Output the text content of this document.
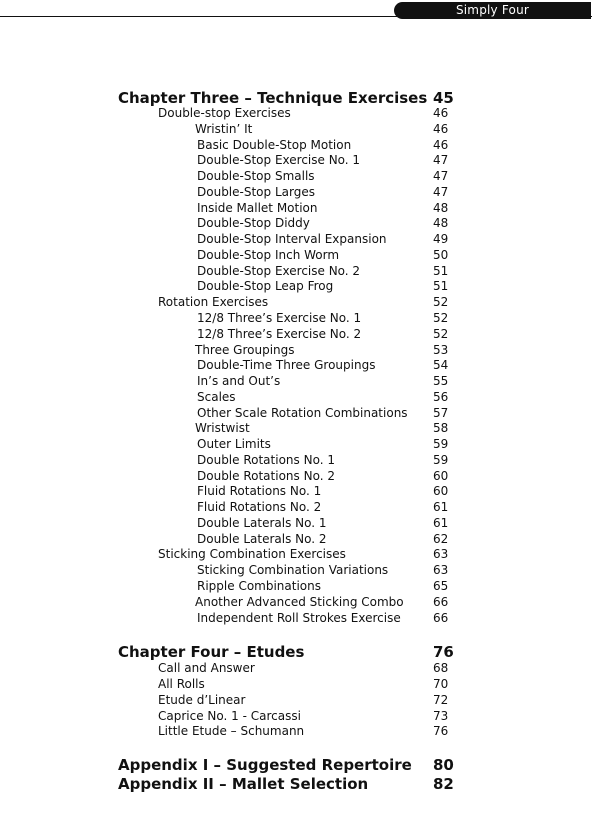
Simply Four
Chapter Three – Technique Exercises 45
Double-stop Exercises	46
Wristin’ It	46
Basic Double-Stop Motion	46
Double-Stop Exercise No. 1	47
Double-Stop Smalls	47
Double-Stop Larges	47
Inside Mallet Motion	48
Double-Stop Diddy	48
Double-Stop Interval Expansion	49
Double-Stop Inch Worm	50
Double-Stop Exercise No. 2	51
Double-Stop Leap Frog	51
Rotation Exercises	52
12/8 Three’s Exercise No. 1	52
12/8 Three’s Exercise No. 2	52
Three Groupings	53
Double-Time Three Groupings	54
In’s and Out’s	55
Scales	56
Other Scale Rotation Combinations 57
Wristwist	58
Outer Limits	59
Double Rotations No. 1	59
Double Rotations No. 2	60
Fluid Rotations No. 1	60
Fluid Rotations No. 2	61
Double Laterals No. 1	61
Double Laterals No. 2	62
Sticking Combination Exercises	63
Sticking Combination Variations	63
Ripple Combinations	65
Another Advanced Sticking Combo 66
Independent Roll Strokes Exercise	66
Chapter Four – Etudes	76
Call and Answer	68
All Rolls	70
Etude d’Linear	72
Caprice No. 1 - Carcassi	73
Little Etude – Schumann	76
Appendix I – Suggested Repertoire 80
Appendix II – Mallet Selection	82
